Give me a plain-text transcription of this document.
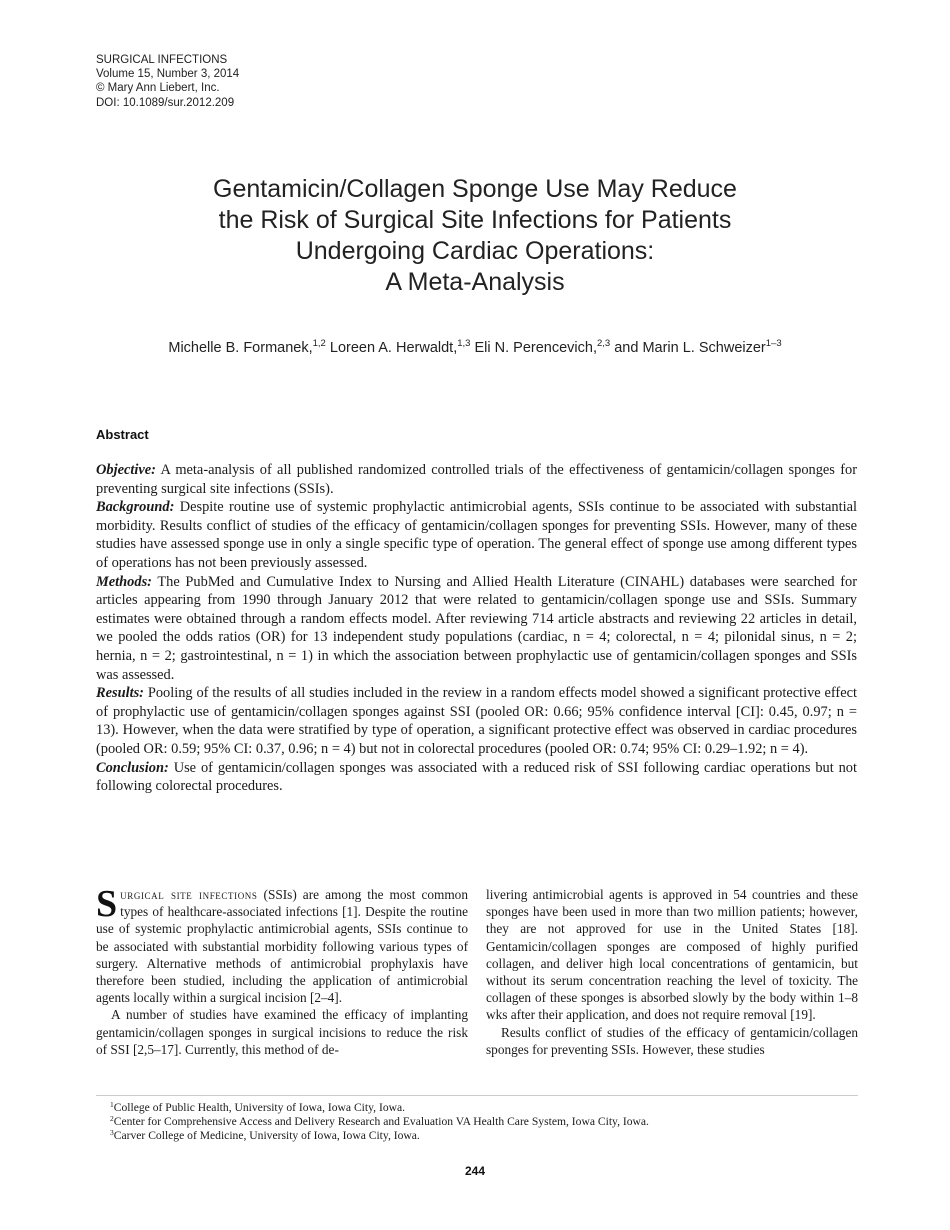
SURGICAL INFECTIONS
Volume 15, Number 3, 2014
© Mary Ann Liebert, Inc.
DOI: 10.1089/sur.2012.209
Gentamicin/Collagen Sponge Use May Reduce
the Risk of Surgical Site Infections for Patients
Undergoing Cardiac Operations:
A Meta-Analysis
Michelle B. Formanek,$^{1,2}$ Loreen A. Herwaldt,$^{1,3}$ Eli N. Perencevich,$^{2,3}$ and Marin L. Schweizer$^{1-3}$
Abstract

Objective: A meta-analysis of all published randomized controlled trials of the effectiveness of gentamicin/collagen sponges for preventing surgical site infections (SSIs).

Background: Despite routine use of systemic prophylactic antimicrobial agents, SSIs continue to be associated with substantial morbidity. Results conflict of studies of the efficacy of gentamicin/collagen sponges for preventing SSIs. However, many of these studies have assessed sponge use in only a single specific type of operation. The general effect of sponge use among different types of operations has not been previously assessed.

Methods: The PubMed and Cumulative Index to Nursing and Allied Health Literature (CINAHL) databases were searched for articles appearing from 1990 through January 2012 that were related to gentamicin/collagen sponge use and SSIs. Summary estimates were obtained through a random effects model. After reviewing 714 article abstracts and reviewing 22 articles in detail, we pooled the odds ratios (OR) for 13 independent study populations (cardiac, n = 4; colorectal, n = 4; pilonidal sinus, n = 2; hernia, n = 2; gastrointestinal, n = 1) in which the association between prophylactic use of gentamicin/collagen sponges and SSIs was assessed.

Results: Pooling of the results of all studies included in the review in a random effects model showed a significant protective effect of prophylactic use of gentamicin/collagen sponges against SSI (pooled OR: 0.66; 95% confidence interval [CI]: 0.45, 0.97; n = 13). However, when the data were stratified by type of operation, a significant protective effect was observed in cardiac procedures (pooled OR: 0.59; 95% CI: 0.37, 0.96; n = 4) but not in colorectal procedures (pooled OR: 0.74; 95% CI: 0.29–1.92; n = 4).

Conclusion: Use of gentamicin/collagen sponges was associated with a reduced risk of SSI following cardiac operations but not following colorectal procedures.

Surgical site infections (SSIs) are among the most common types of healthcare-associated infections [1]. Despite the routine use of systemic prophylactic antimicrobial agents, SSIs continue to be associated with substantial morbidity following various types of surgery. Alternative methods of antimicrobial prophylaxis have therefore been studied, including the application of antimicrobial agents locally within a surgical incision [2–4].

A number of studies have examined the efficacy of implanting gentamicin/collagen sponges in surgical incisions to reduce the risk of SSI [2,5–17]. Currently, this method of de-

livering antimicrobial agents is approved in 54 countries and these sponges have been used in more than two million patients; however, they are not approved for use in the United States [18]. Gentamicin/collagen sponges are composed of highly purified collagen, and deliver high local concentrations of gentamicin, but without its serum concentration reaching the level of toxicity. The collagen of these sponges is absorbed slowly by the body within 1–8 wks after their application, and does not require removal [19].

Results conflict of studies of the efficacy of gentamicin/collagen sponges for preventing SSIs. However, these studies

$^1$College of Public Health, University of Iowa, Iowa City, Iowa.
$^2$Center for Comprehensive Access and Delivery Research and Evaluation VA Health Care System, Iowa City, Iowa.
$^3$Carver College of Medicine, University of Iowa, Iowa City, Iowa.
244
